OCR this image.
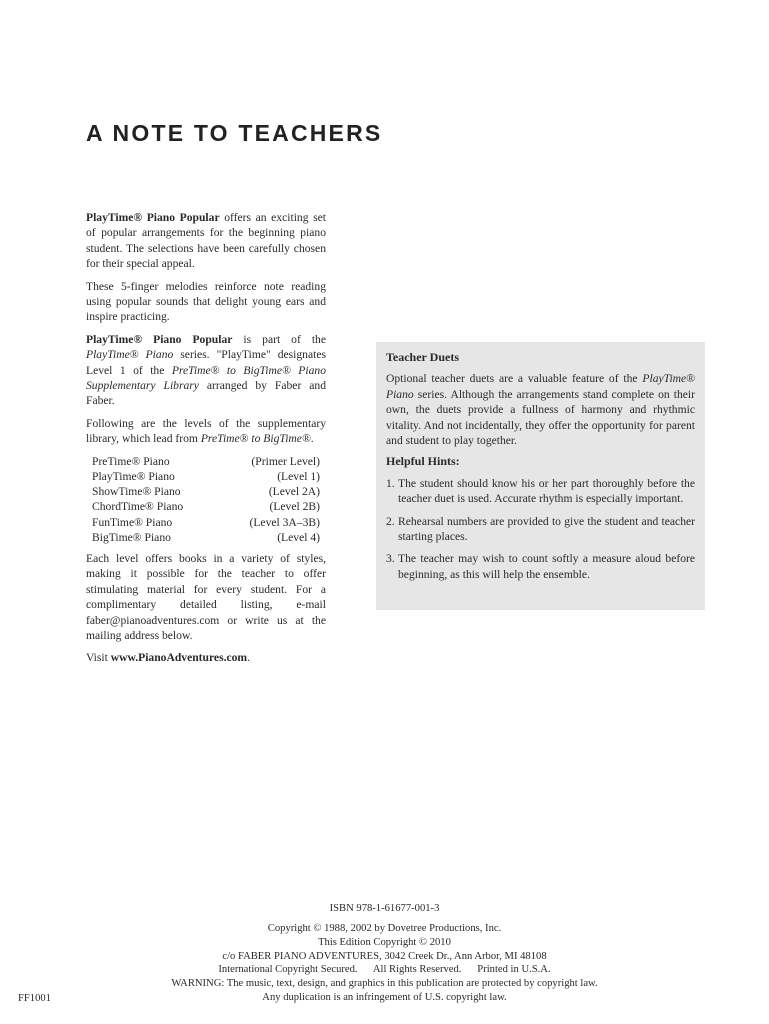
A NOTE TO TEACHERS

PlayTime® Piano Popular offers an exciting set of popular arrangements for the beginning piano student. The selections have been carefully chosen for their special appeal.

These 5-finger melodies reinforce note reading using popular sounds that delight young ears and inspire practicing.

PlayTime® Piano Popular is part of the PlayTime® Piano series. "PlayTime" designates Level 1 of the PreTime® to BigTime® Piano Supplementary Library arranged by Faber and Faber.

Following are the levels of the supplementary library, which lead from PreTime® to BigTime®.

PreTime® Piano	(Primer Level)
PlayTime® Piano	(Level 1)
ShowTime® Piano	(Level 2A)
ChordTime® Piano	(Level 2B)
FunTime® Piano	(Level 3A–3B)
BigTime® Piano	(Level 4)

Each level offers books in a variety of styles, making it possible for the teacher to offer stimulating material for every student. For a complimentary detailed listing, e-mail faber@pianoadventures.com or write us at the mailing address below.

Visit www.PianoAdventures.com.

Teacher Duets

Optional teacher duets are a valuable feature of the PlayTime® Piano series. Although the arrangements stand complete on their own, the duets provide a fullness of harmony and rhythmic vitality. And not incidentally, they offer the opportunity for parent and student to play together.

Helpful Hints:
1. The student should know his or her part thoroughly before the teacher duet is used. Accurate rhythm is especially important.
2. Rehearsal numbers are provided to give the student and teacher starting places.
3. The teacher may wish to count softly a measure aloud before beginning, as this will help the ensemble.
ISBN 978-1-61677-001-3
Copyright © 1988, 2002 by Dovetree Productions, Inc.
This Edition Copyright © 2010
c/o FABER PIANO ADVENTURES, 3042 Creek Dr., Ann Arbor, MI 48108
International Copyright Secured.      All Rights Reserved.      Printed in U.S.A.
WARNING: The music, text, design, and graphics in this publication are protected by copyright law.
Any duplication is an infringement of U.S. copyright law.
FF1001
